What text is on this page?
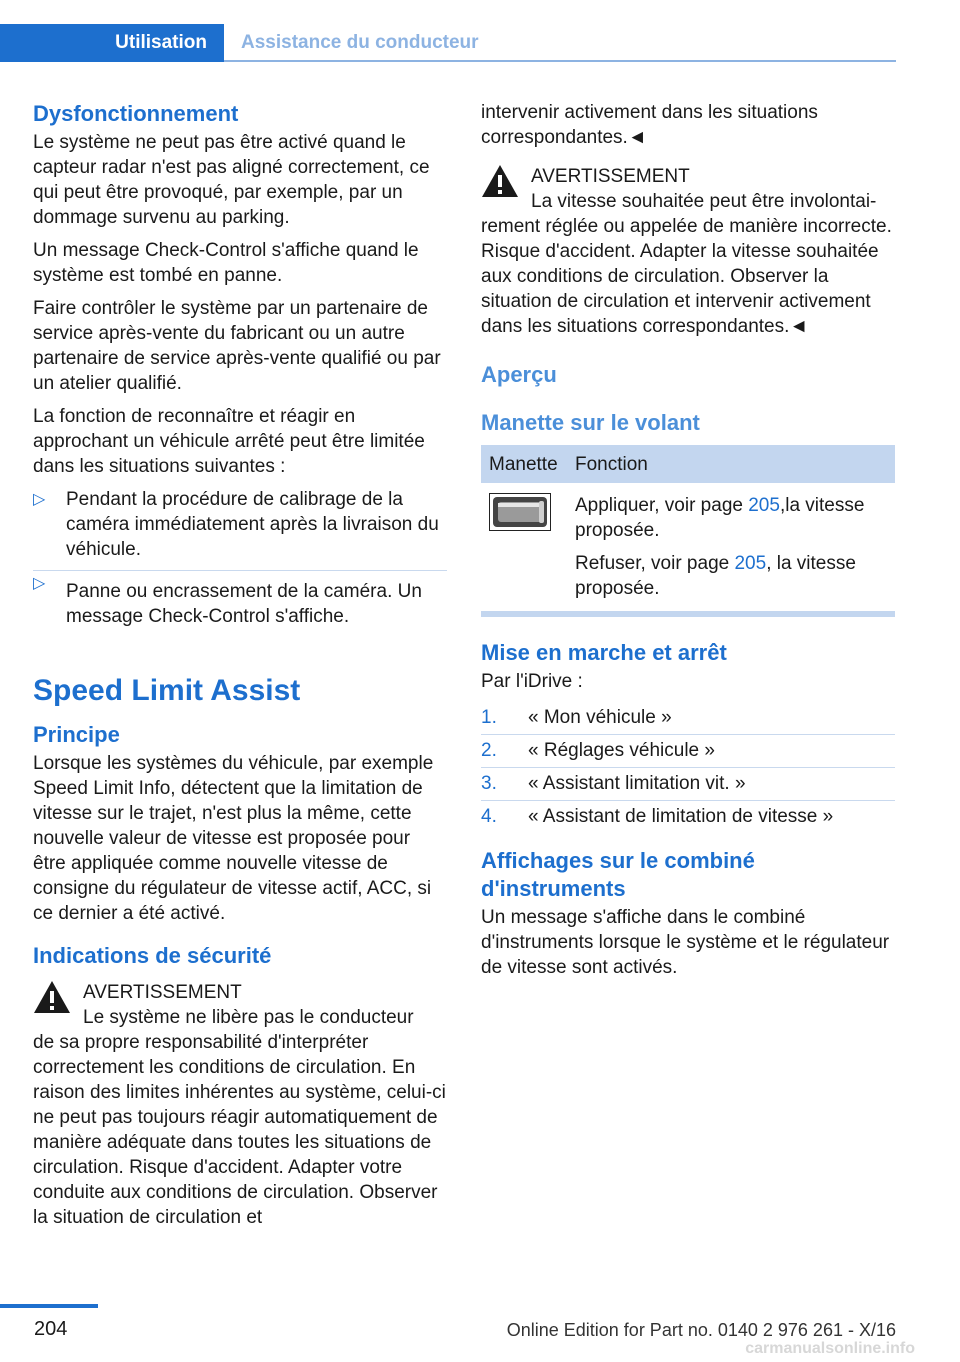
Utilisation Assistance du conducteur
Dysfonctionnement

Le système ne peut pas être activé quand le capteur radar n'est pas aligné correctement, ce qui peut être provoqué, par exemple, par un dommage survenu au parking.

Un message Check-Control s'affiche quand le système est tombé en panne.

Faire contrôler le système par un partenaire de service après-vente du fabricant ou un autre partenaire de service après-vente qualifié ou par un atelier qualifié.

La fonction de reconnaître et réagir en approchant un véhicule arrêté peut être limitée dans les situations suivantes :

▷ Pendant la procédure de calibrage de la caméra immédiatement après la livraison du véhicule.
▷ Panne ou encrassement de la caméra. Un message Check-Control s'affiche.
Speed Limit Assist
Principe

Lorsque les systèmes du véhicule, par exemple Speed Limit Info, détectent que la limitation de vitesse sur le trajet, n'est plus la même, cette nouvelle valeur de vitesse est proposée pour être appliquée comme nouvelle vitesse de consigne du régulateur de vitesse actif, ACC, si ce dernier a été activé.

Indications de sécurité
AVERTISSEMENT
Le système ne libère pas le conducteur
de sa propre responsabilité d'interpréter correctement les conditions de circulation. En raison des limites inhérentes au système, celui-ci ne peut pas toujours réagir automatiquement de manière adéquate dans toutes les situations de circulation. Risque d'accident. Adapter votre conduite aux conditions de circulation. Observer la situation de circulation et

intervenir activement dans les situations correspondantes.◄

AVERTISSEMENT
La vitesse souhaitée peut être involontai-
rement réglée ou appelée de manière incorrecte. Risque d'accident. Adapter la vitesse souhaitée aux conditions de circulation. Observer la situation de circulation et intervenir activement dans les situations correspondantes.◄
Aperçu
Manette sur le volant
Manette	Fonction

Appliquer, voir page 205,la vitesse proposée.

Refuser, voir page 205, la vitesse proposée.

Mise en marche et arrêt

Par l'iDrive :

1. « Mon véhicule »
2. « Réglages véhicule »
3. « Assistant limitation vit. »
4. « Assistant de limitation de vitesse »
Affichages sur le combiné d'instruments

Un message s'affiche dans le combiné d'instruments lorsque le système et le régulateur de vitesse sont activés.

204	Online Edition for Part no. 0140 2 976 261 - X/16
carmanualsonline.info
